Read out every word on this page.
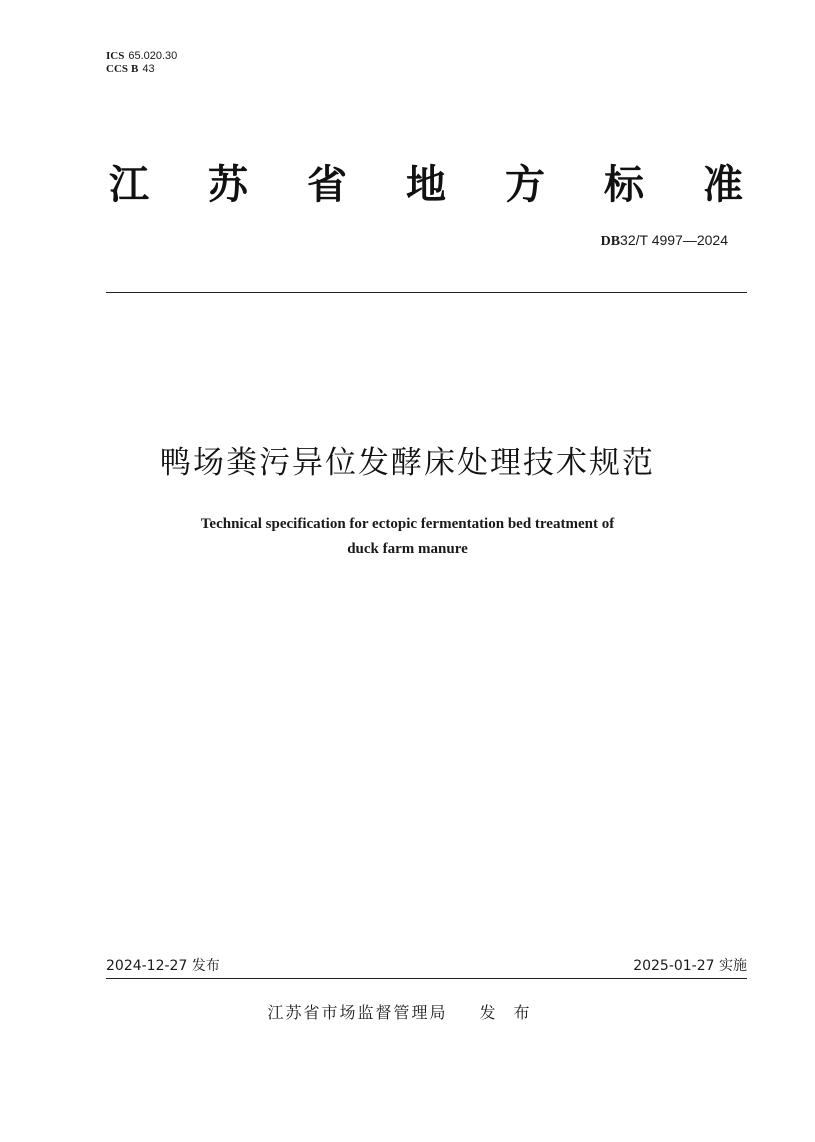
ICS 65.020.30
CCS B 43
江 苏 省 地 方 标 准
DB32/T 4997—2024
鸭场粪污异位发酵床处理技术规范
Technical specification for ectopic fermentation bed treatment of
duck farm manure
2024-12-27 发布	2025-01-27 实施
江苏省市场监督管理局 发布
